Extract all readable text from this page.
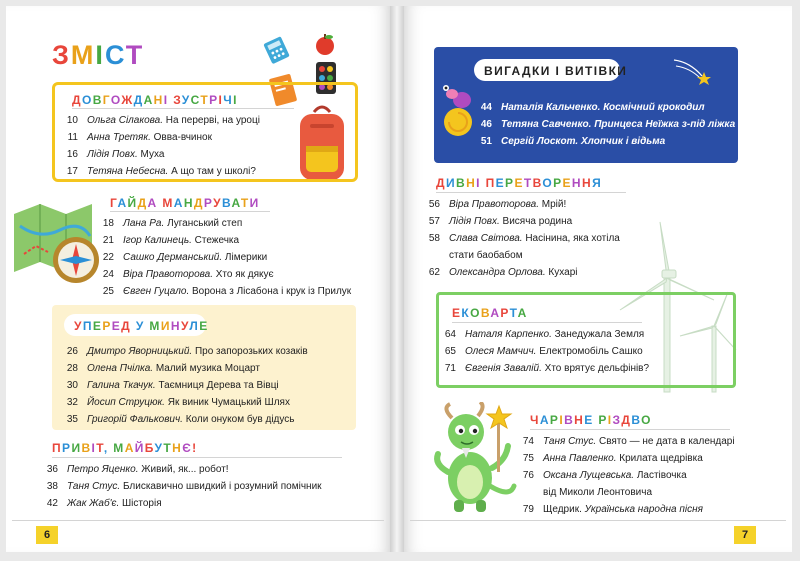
ЗМІСТ
ДОВГОЖДАНІ ЗУСТРІЧІ
10 Ольга Сілакова.
На перерві, на уроці
11 Анна Третяк.
Овва-вчинок
16 Лідія Повх.
Муха
17 Тетяна Небесна.
А що там у школі?
ГАЙДА МАНДРУВАТИ
18 Лана Ра.
Луганський степ
21 Ігор Калинець.
Стежечка
22 Сашко Дерманський.
Лімерики
24 Віра Правоторова.
Хто як дякує
25 Євген Гуцало.
Ворона з Лісабона і крук із Прилук
УПЕРЕД У МИНУЛЕ
26 Дмитро Яворницький.
Про запорозьких козаків
28 Олена Пчілка.
Малий музика Моцарт
30 Галина Ткачук.
Таємниця Дерева та Вівці
32 Йосип Струцюк.
Як виник Чумацький Шлях
35 Григорій Фалькович.
Коли онуком був дідусь
ПРИВІТ, МАЙБУТНЄ!
36 Петро Яценко.
Живий, як... робот!
38 Таня Стус.
Блискавично швидкий і розумний помічник
42 Жак Жаб'є.
Шісторія
6
ВИГАДКИ І ВИТІВКИ
44 Наталія Кальченко.
Космічний крокодил
46 Тетяна Савченко.
Принцеса Неїжка з-під ліжка
51 Сергій Лоскот.
Хлопчик і відьма
ДИВНІ ПЕРЕТВОРЕННЯ
56 Віра Правоторова.
Мрій!
57 Лідія Повх.
Висяча родина
58 Слава Світова.
Насінина, яка хотіла
стати баобабом
62 Олександра Орлова.
Кухарі
ЕКОВАРТА
64 Наталя Карпенко.
Занедужала Земля
65 Олеся Мамчич.
Електромобіль Сашко
71 Євгенія Завалій.
Хто врятує дельфінів?
ЧАРІВНЕ РІЗДВО
74 Таня Стус.
Свято — не дата в календарі
75 Анна Павленко.
Крилата щедрівка
76 Оксана Лущевська.
Ластівочка
від Миколи Леонтовича
79 Щедрик.
Українська народна пісня
7
